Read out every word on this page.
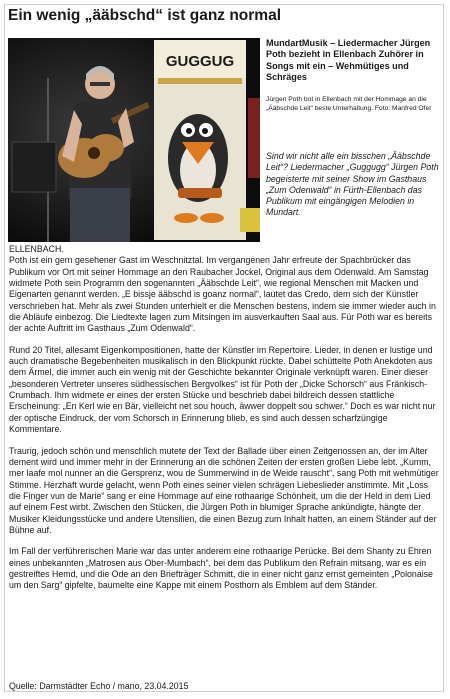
Ein wenig „ääbschd“ ist ganz normal
GUGGUG

MundartMusik – Liedermacher Jürgen Poth bezieht in Ellenbach Zuhörer in Songs mit ein – Wehmütiges und Schräges

Jürgen Poth bot in Ellenbach mit der Hommage an die „Ääbschde Leit“ beste Unterhaltung. Foto: Manfred Ofer

Sind wir nicht alle ein bisschen „Ääbschde Leit“? Liedermacher „Guggugg“ Jürgen Poth begeisterte mit seiner Show im Gasthaus „Zum Odenwald“ in Fürth-Ellenbach das Publikum mit eingängigen Melodien in Mundart.

ELLENBACH.

Poth ist ein gern gesehener Gast im Weschnitztal. Im vergangenen Jahr erfreute der Spachbrücker das Publikum vor Ort mit seiner Hommage an den Raubacher Jockel, Original aus dem Odenwald. Am Samstag widmete Poth sein Programm den sogenannten „Ääbschde Leit“, wie regional Menschen mit Macken und Eigenarten genannt werden. „E bissje ääbschd is goanz normal“, lautet das Credo, dem sich der Künstler verschrieben hat. Mehr als zwei Stunden unterhielt er die Menschen bestens, indem sie immer wieder auch in die Abläufe einbezog. Die Liedtexte lagen zum Mitsingen im ausverkauften Saal aus. Für Poth war es bereits der achte Auftritt im Gasthaus „Zum Odenwald“.

Rund 20 Titel, allesamt Eigenkompositionen, hatte der Künstler im Repertoire. Lieder, in denen er lustige und auch dramatische Begebenheiten musikalisch in den Blickpunkt rückte. Dabei schüttelte Poth Anekdoten aus dem Ärmel, die immer auch ein wenig mit der Geschichte bekannter Originale verknüpft waren. Einer dieser „besonderen Vertreter unseres südhessischen Bergvolkes“ ist für Poth der „Dicke Schorsch“ aus Fränkisch-Crumbach. Ihm widmete er eines der ersten Stücke und beschrieb dabei bildreich dessen stattliche Erscheinung: „En Kerl wie en Bär, vielleicht net sou houch, äwwer doppelt sou schwer.“ Doch es war nicht nur der optische Eindruck, der vom Schorsch in Erinnerung blieb, es sind auch dessen scharfzüngige Kommentare.

Traurig, jedoch schön und menschlich mutete der Text der Ballade über einen Zeitgenossen an, der im Alter dement wird und immer mehr in der Erinnerung an die schönen Zeiten der ersten großen Liebe lebt. „Kumm, mer laafe mol nunner an die Gersprenz, wou de Summerwind in de Weide rauscht“, sang Poth mit wehmütiger Stimme. Herzhaft wurde gelacht, wenn Poth eines seiner vielen schrägen Liebeslieder anstimmte. Mit „Loss die Finger vun de Marie“ sang er eine Hommage auf eine rothaarige Schönheit, um die der Held in dem Lied auf einem Fest wirbt. Zwischen den Stücken, die Jürgen Poth in blumiger Sprache ankündigte, hängte der Musiker Kleidungsstücke und andere Utensilien, die einen Bezug zum Inhalt hatten, an einem Ständer auf der Bühne auf.

Im Fall der verführerischen Marie war das unter anderem eine rothaarige Perücke. Bei dem Shanty zu Ehren eines unbekannten „Matrosen aus Ober-Mumbach“, bei dem das Publikum den Refrain mitsang, war es ein gestreiftes Hemd, und die Ode an den Briefträger Schmitt, die in einer nicht ganz ernst gemeinten „Polonaise um den Sarg“ gipfelte, baumelte eine Kappe mit einem Posthorn als Emblem auf dem Ständer.

Quelle: Darmstädter Echo / mano, 23.04.2015
